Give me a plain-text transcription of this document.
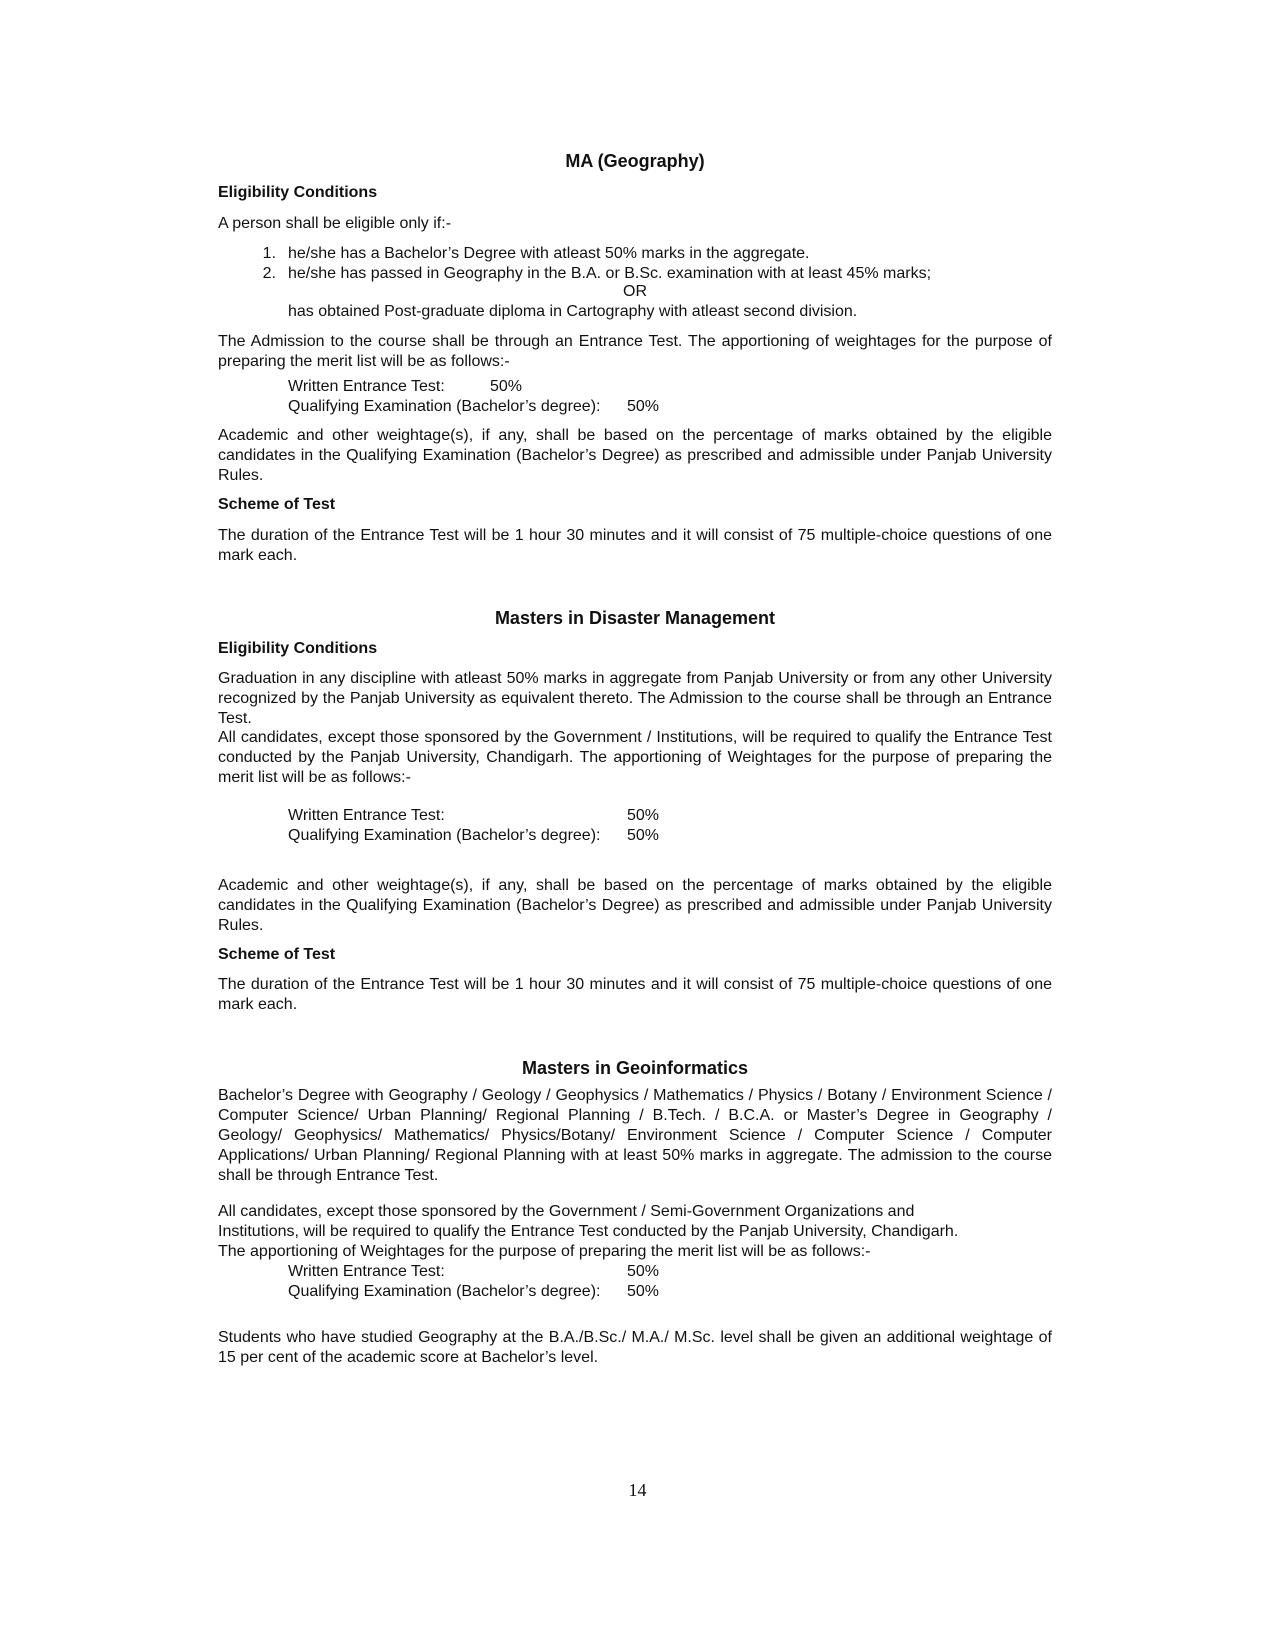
MA (Geography)
Eligibility Conditions

A person shall be eligible only if:-

1. he/she has a Bachelor’s Degree with atleast 50% marks in the aggregate.
2. he/she has passed in Geography in the B.A. or B.Sc. examination with at least 45% marks;
OR

has obtained Post-graduate diploma in Cartography with atleast second division.

The Admission to the course shall be through an Entrance Test. The apportioning of weightages for the purpose of preparing the merit list will be as follows:-

Written Entrance Test:	50%
Qualifying Examination (Bachelor’s degree): 50%

Academic and other weightage(s), if any, shall be based on the percentage of marks obtained by the eligible candidates in the Qualifying Examination (Bachelor’s Degree) as prescribed and admissible under Panjab University Rules.

Scheme of Test

The duration of the Entrance Test will be 1 hour 30 minutes and it will consist of 75 multiple-choice questions of one mark each.

Masters in Disaster Management
Eligibility Conditions

Graduation in any discipline with atleast 50% marks in aggregate from Panjab University or from any other University recognized by the Panjab University as equivalent thereto. The Admission to the course shall be through an Entrance Test.

All candidates, except those sponsored by the Government / Institutions, will be required to qualify the Entrance Test conducted by the Panjab University, Chandigarh. The apportioning of Weightages for the purpose of preparing the merit list will be as follows:-

Written Entrance Test:	50%
Qualifying Examination (Bachelor’s degree): 50%

Academic and other weightage(s), if any, shall be based on the percentage of marks obtained by the eligible candidates in the Qualifying Examination (Bachelor’s Degree) as prescribed and admissible under Panjab University Rules.

Scheme of Test

The duration of the Entrance Test will be 1 hour 30 minutes and it will consist of 75 multiple-choice questions of one mark each.

Masters in Geoinformatics

Bachelor’s Degree with Geography / Geology / Geophysics / Mathematics / Physics / Botany / Environment Science / Computer Science/ Urban Planning/ Regional Planning / B.Tech. / B.C.A. or Master’s Degree in Geography / Geology/ Geophysics/ Mathematics/ Physics/Botany/ Environment Science / Computer Science / Computer Applications/ Urban Planning/ Regional Planning with at least 50% marks in aggregate. The admission to the course shall be through Entrance Test.

All candidates, except those sponsored by the Government / Semi-Government Organizations and

Institutions, will be required to qualify the Entrance Test conducted by the Panjab University, Chandigarh.

The apportioning of Weightages for the purpose of preparing the merit list will be as follows:-

Written Entrance Test:	50%
Qualifying Examination (Bachelor’s degree): 50%

Students who have studied Geography at the B.A./B.Sc./ M.A./ M.Sc. level shall be given an additional weightage of 15 per cent of the academic score at Bachelor’s level.

14
